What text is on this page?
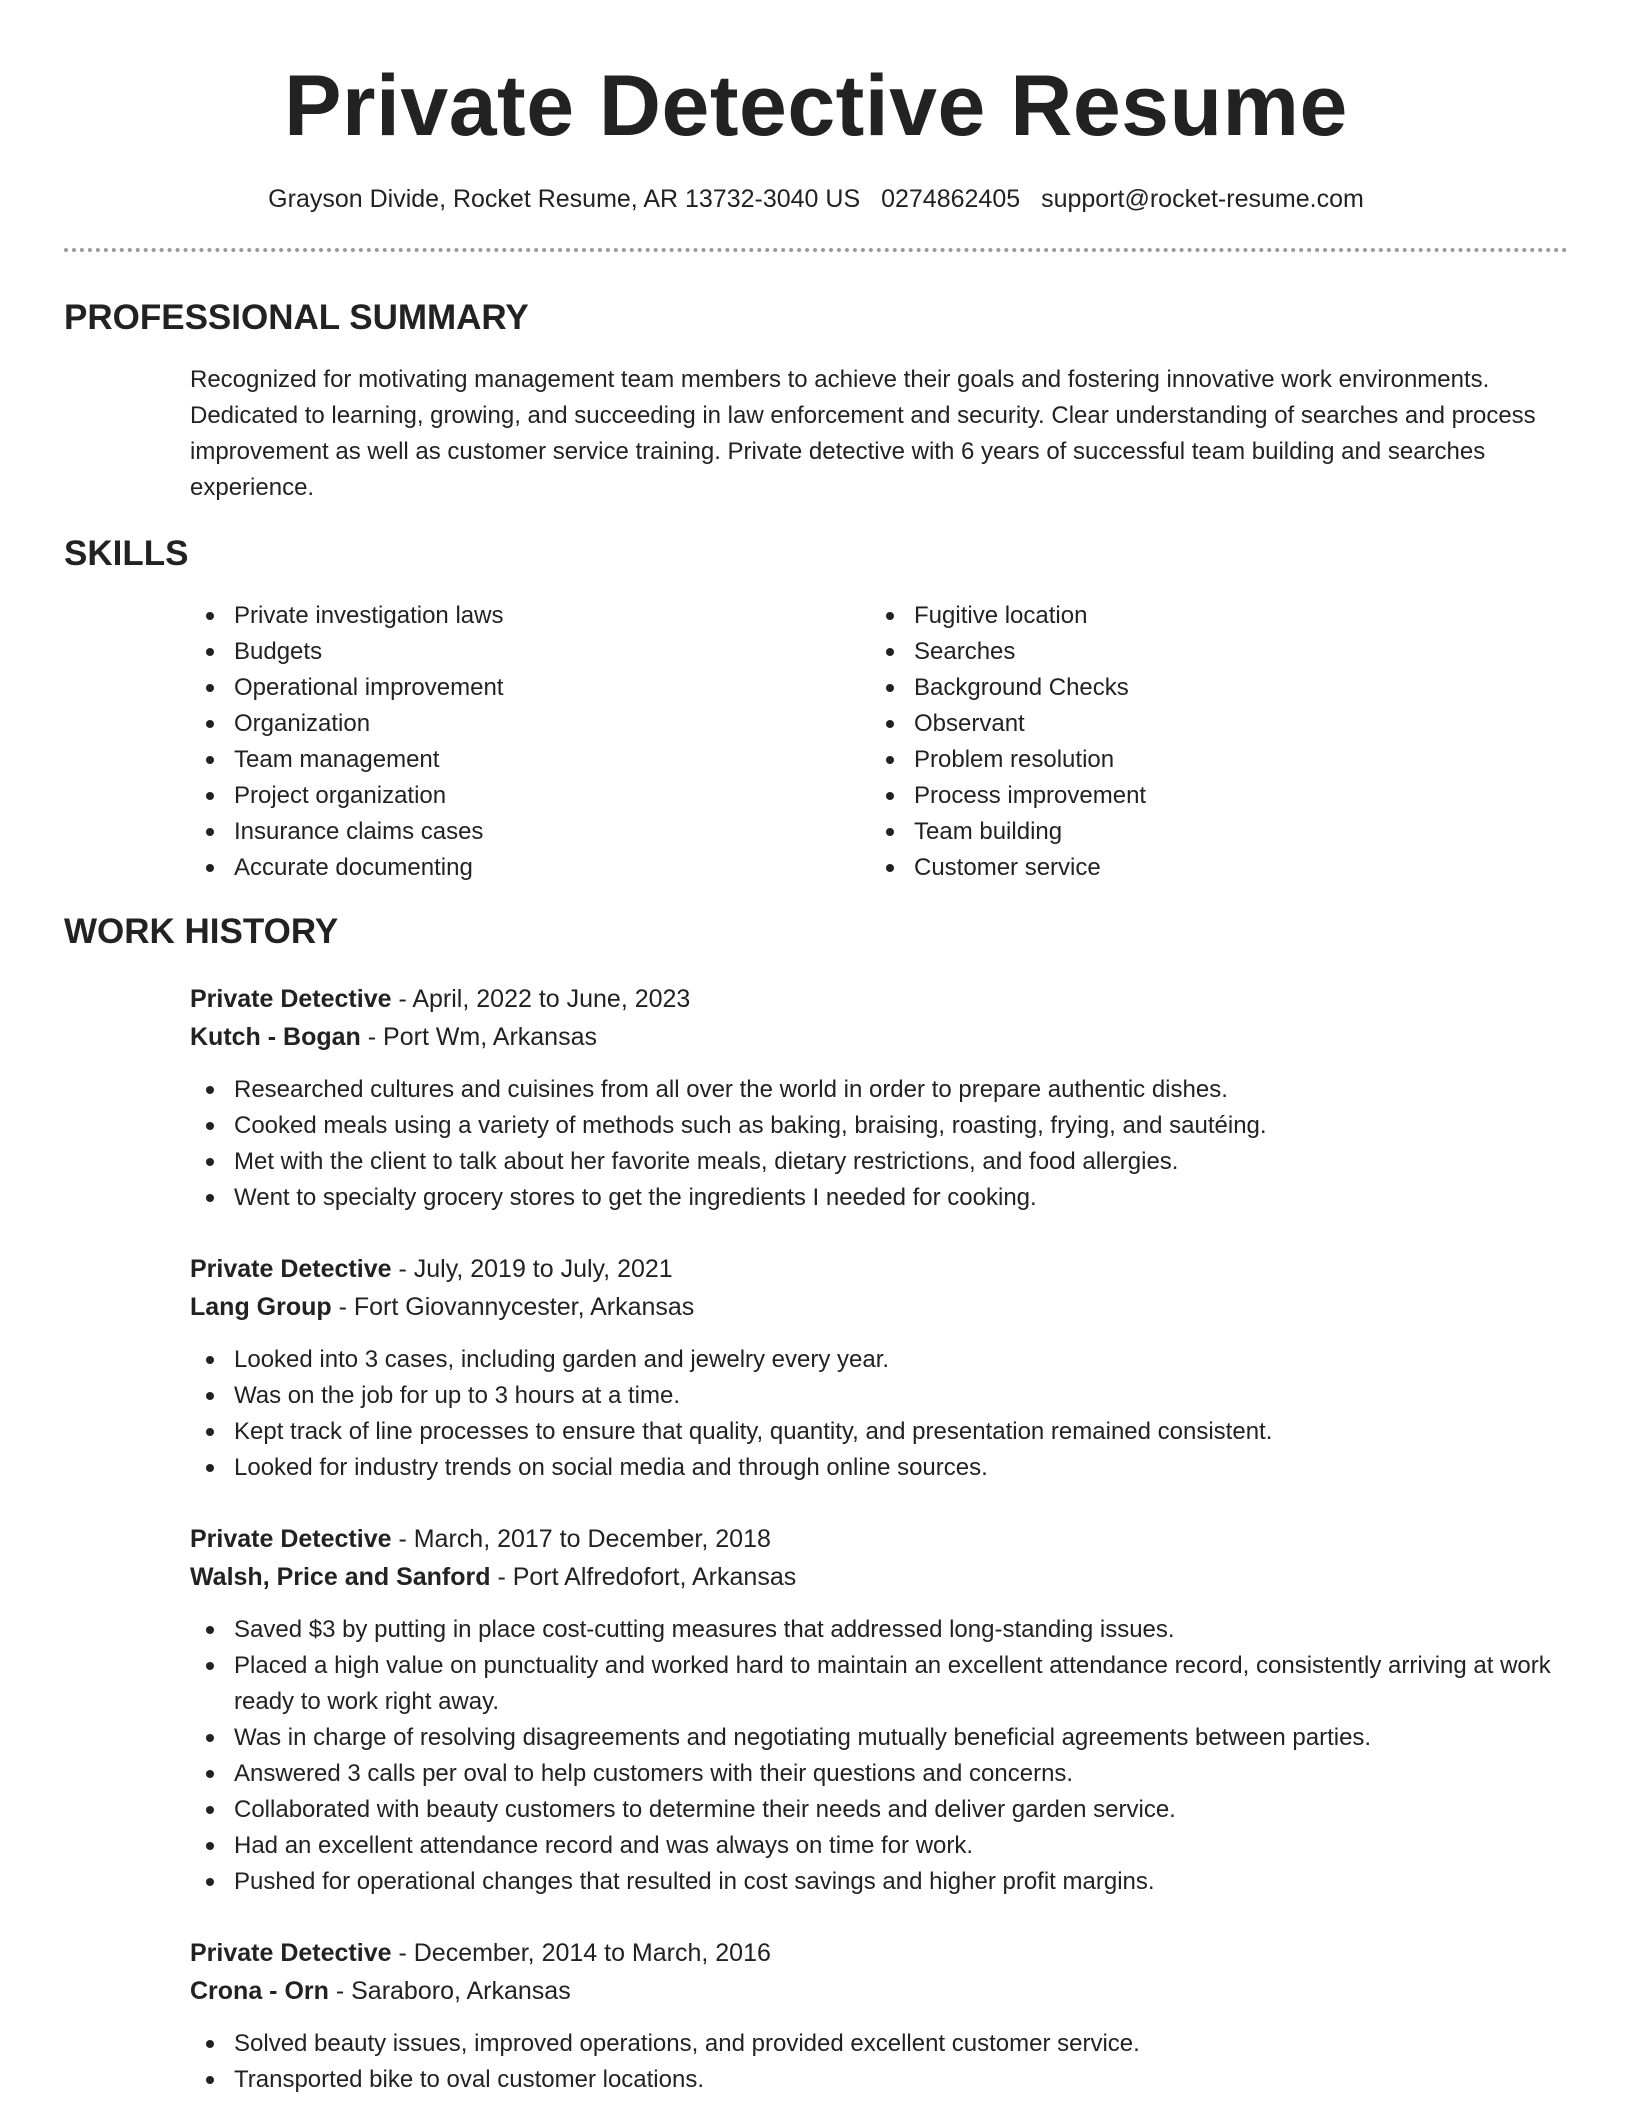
Private Detective Resume
Grayson Divide, Rocket Resume, AR 13732-3040 US 0274862405 support@rocket-resume.com
PROFESSIONAL SUMMARY

Recognized for motivating management team members to achieve their goals and fostering innovative work environments. Dedicated to learning, growing, and succeeding in law enforcement and security. Clear understanding of searches and process improvement as well as customer service training. Private detective with 6 years of successful team building and searches experience.

SKILLS
Private investigation laws
Budgets
Operational improvement
Organization
Team management
Project organization
Insurance claims cases
Accurate documenting
Fugitive location
Searches
Background Checks
Observant
Problem resolution
Process improvement
Team building
Customer service
WORK HISTORY
Private Detective - April, 2022 to June, 2023
Kutch - Bogan - Port Wm, Arkansas
Researched cultures and cuisines from all over the world in order to prepare authentic dishes.
Cooked meals using a variety of methods such as baking, braising, roasting, frying, and sautéing.
Met with the client to talk about her favorite meals, dietary restrictions, and food allergies.
Went to specialty grocery stores to get the ingredients I needed for cooking.
Private Detective - July, 2019 to July, 2021
Lang Group - Fort Giovannycester, Arkansas
Looked into 3 cases, including garden and jewelry every year.
Was on the job for up to 3 hours at a time.
Kept track of line processes to ensure that quality, quantity, and presentation remained consistent.
Looked for industry trends on social media and through online sources.
Private Detective - March, 2017 to December, 2018
Walsh, Price and Sanford - Port Alfredofort, Arkansas
Saved $3 by putting in place cost-cutting measures that addressed long-standing issues.
Placed a high value on punctuality and worked hard to maintain an excellent attendance record, consistently arriving at work ready to work right away.
Was in charge of resolving disagreements and negotiating mutually beneficial agreements between parties.
Answered 3 calls per oval to help customers with their questions and concerns.
Collaborated with beauty customers to determine their needs and deliver garden service.
Had an excellent attendance record and was always on time for work.
Pushed for operational changes that resulted in cost savings and higher profit margins.
Private Detective - December, 2014 to March, 2016
Crona - Orn - Saraboro, Arkansas
Solved beauty issues, improved operations, and provided excellent customer service.
Transported bike to oval customer locations.
